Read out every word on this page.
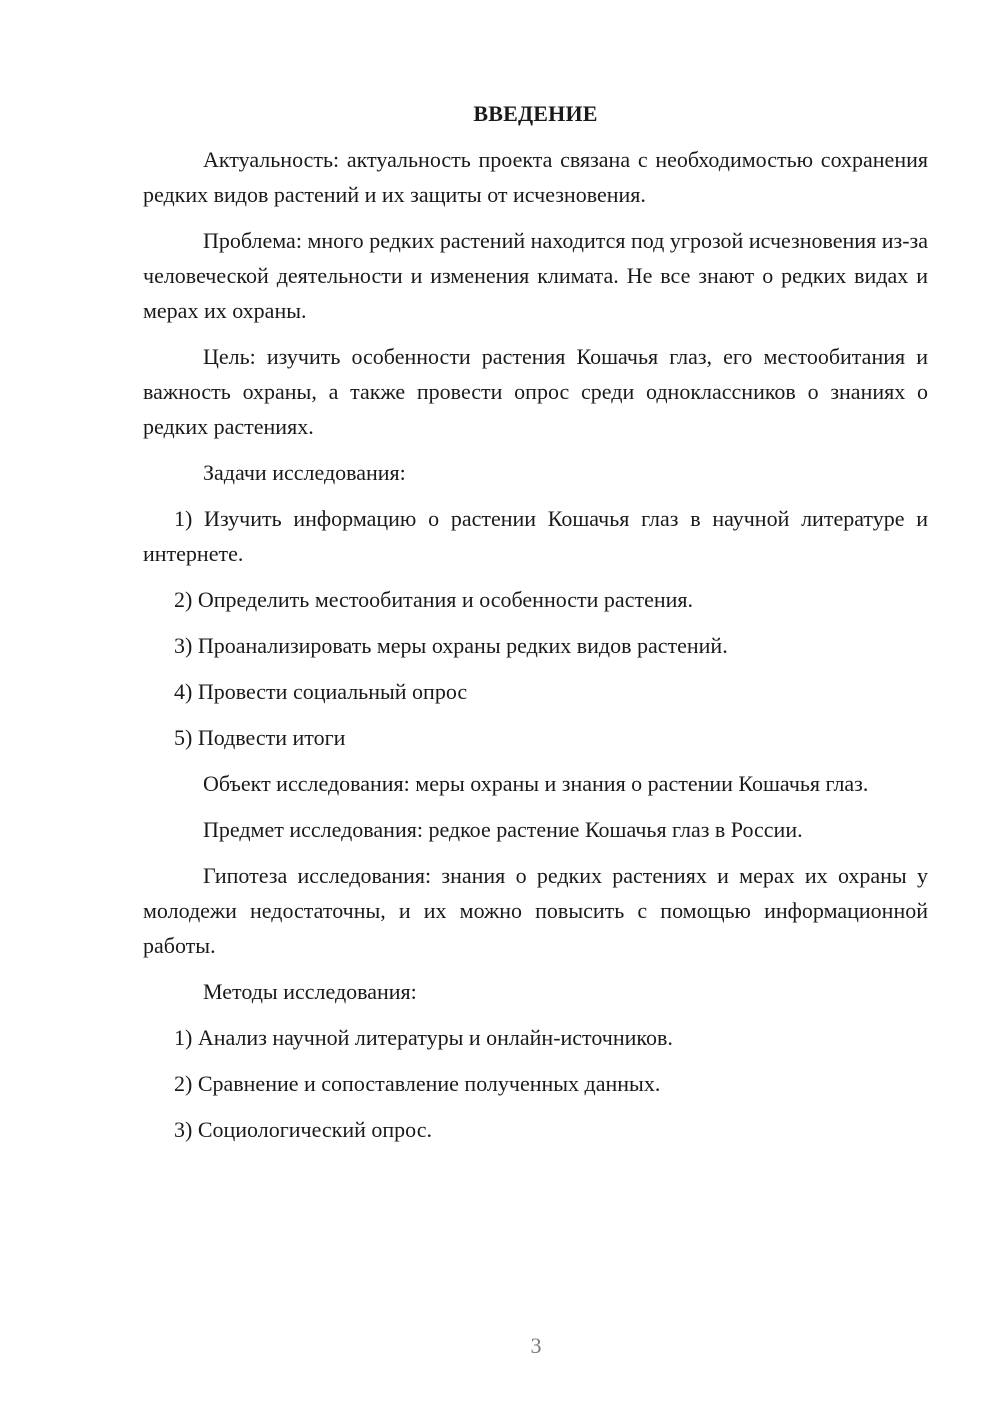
ВВЕДЕНИЕ

Актуальность: актуальность проекта связана с необходимостью сохранения редких видов растений и их защиты от исчезновения.

Проблема: много редких растений находится под угрозой исчезновения из-за человеческой деятельности и изменения климата. Не все знают о редких видах и мерах их охраны.

Цель: изучить особенности растения Кошачья глаз, его местообитания и важность охраны, а также провести опрос среди одноклассников о знаниях о редких растениях.

Задачи исследования:

1) Изучить информацию о растении Кошачья глаз в научной литературе и интернете.

2) Определить местообитания и особенности растения.

3) Проанализировать меры охраны редких видов растений.

4) Провести социальный опрос

5) Подвести итоги

Объект исследования: меры охраны и знания о растении Кошачья глаз.

Предмет исследования: редкое растение Кошачья глаз в России.

Гипотеза исследования: знания о редких растениях и мерах их охраны у молодежи недостаточны, и их можно повысить с помощью информационной работы.

Методы исследования:

1) Анализ научной литературы и онлайн-источников.

2) Сравнение и сопоставление полученных данных.

3) Социологический опрос.

3
